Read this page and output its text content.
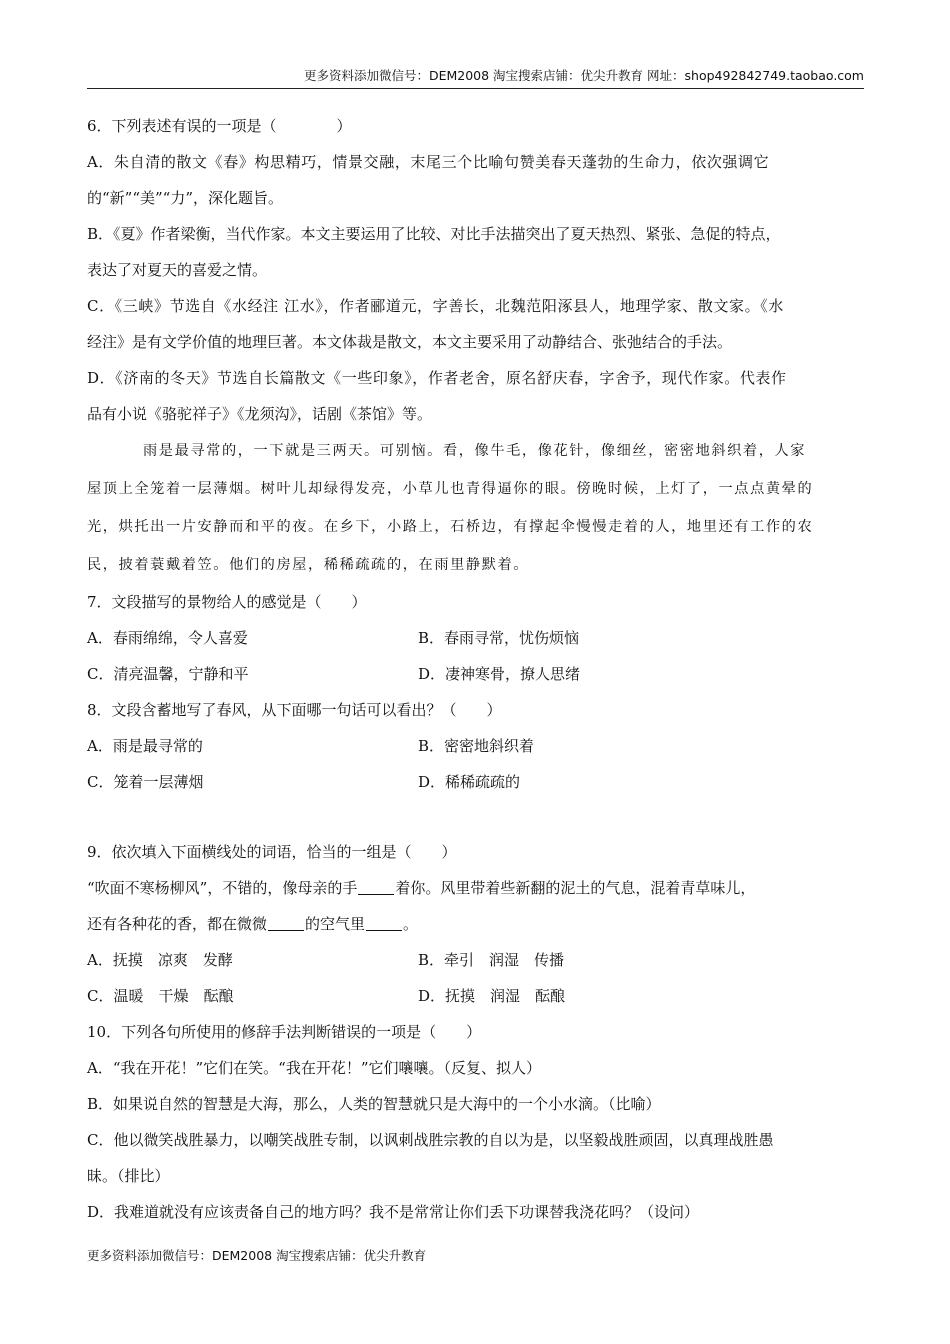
更多资料添加微信号：DEM2008 淘宝搜索店铺：优尖升教育 网址：shop492842749.taobao.com
6．下列表述有误的一项是（　　　　）
A．朱自清的散文《春》构思精巧，情景交融，末尾三个比喻句赞美春天蓬勃的生命力，依次强调它
的“新”“美”“力”，深化题旨。
B．《夏》作者梁衡，当代作家。本文主要运用了比较、对比手法描突出了夏天热烈、紧张、急促的特点，
表达了对夏天的喜爱之情。
C．《三峡》节选自《水经注 江水》，作者郦道元，字善长，北魏范阳涿县人，地理学家、散文家。《水
经注》是有文学价值的地理巨著。本文体裁是散文，本文主要采用了动静结合、张弛结合的手法。
D．《济南的冬天》节选自长篇散文《一些印象》，作者老舍，原名舒庆春，字舍予，现代作家。代表作
品有小说《骆驼祥子》《龙须沟》，话剧《茶馆》等。
雨是最寻常的，一下就是三两天。可别恼。看，像牛毛，像花针，像细丝，密密地斜织着，人家
屋顶上全笼着一层薄烟。树叶儿却绿得发亮，小草儿也青得逼你的眼。傍晚时候，上灯了，一点点黄晕的
光，烘托出一片安静而和平的夜。在乡下，小路上，石桥边，有撑起伞慢慢走着的人，地里还有工作的农
民，披着蓑戴着笠。他们的房屋，稀稀疏疏的，在雨里静默着。
7．文段描写的景物给人的感觉是（　　）
A．春雨绵绵，令人喜爱	B．春雨寻常，忧伤烦恼
C．清亮温馨，宁静和平	D．凄神寒骨，撩人思绪
8．文段含蓄地写了春风，从下面哪一句话可以看出？（　　）
A．雨是最寻常的	B．密密地斜织着
C．笼着一层薄烟	D．稀稀疏疏的
9．依次填入下面横线处的词语，恰当的一组是（　　）
“吹面不寒杨柳风”，不错的，像母亲的手	着你。风里带着些新翻的泥土的气息，混着青草味儿，
还有各种花的香，都在微微	的空气里	。
A．抚摸　凉爽　发酵	B．牵引　润湿　传播
C．温暖　干燥　酝酿	D．抚摸　润湿　酝酿
10．下列各句所使用的修辞手法判断错误的一项是（　　）
A．“我在开花！”它们在笑。“我在开花！”它们嚷嚷。（反复、拟人）
B．如果说自然的智慧是大海，那么，人类的智慧就只是大海中的一个小水滴。（比喻）
C．他以微笑战胜暴力，以嘲笑战胜专制，以讽刺战胜宗教的自以为是，以坚毅战胜顽固，以真理战胜愚
昧。（排比）
D．我难道就没有应该责备自己的地方吗？我不是常常让你们丢下功课替我浇花吗？（设问）
更多资料添加微信号：DEM2008 淘宝搜索店铺：优尖升教育
